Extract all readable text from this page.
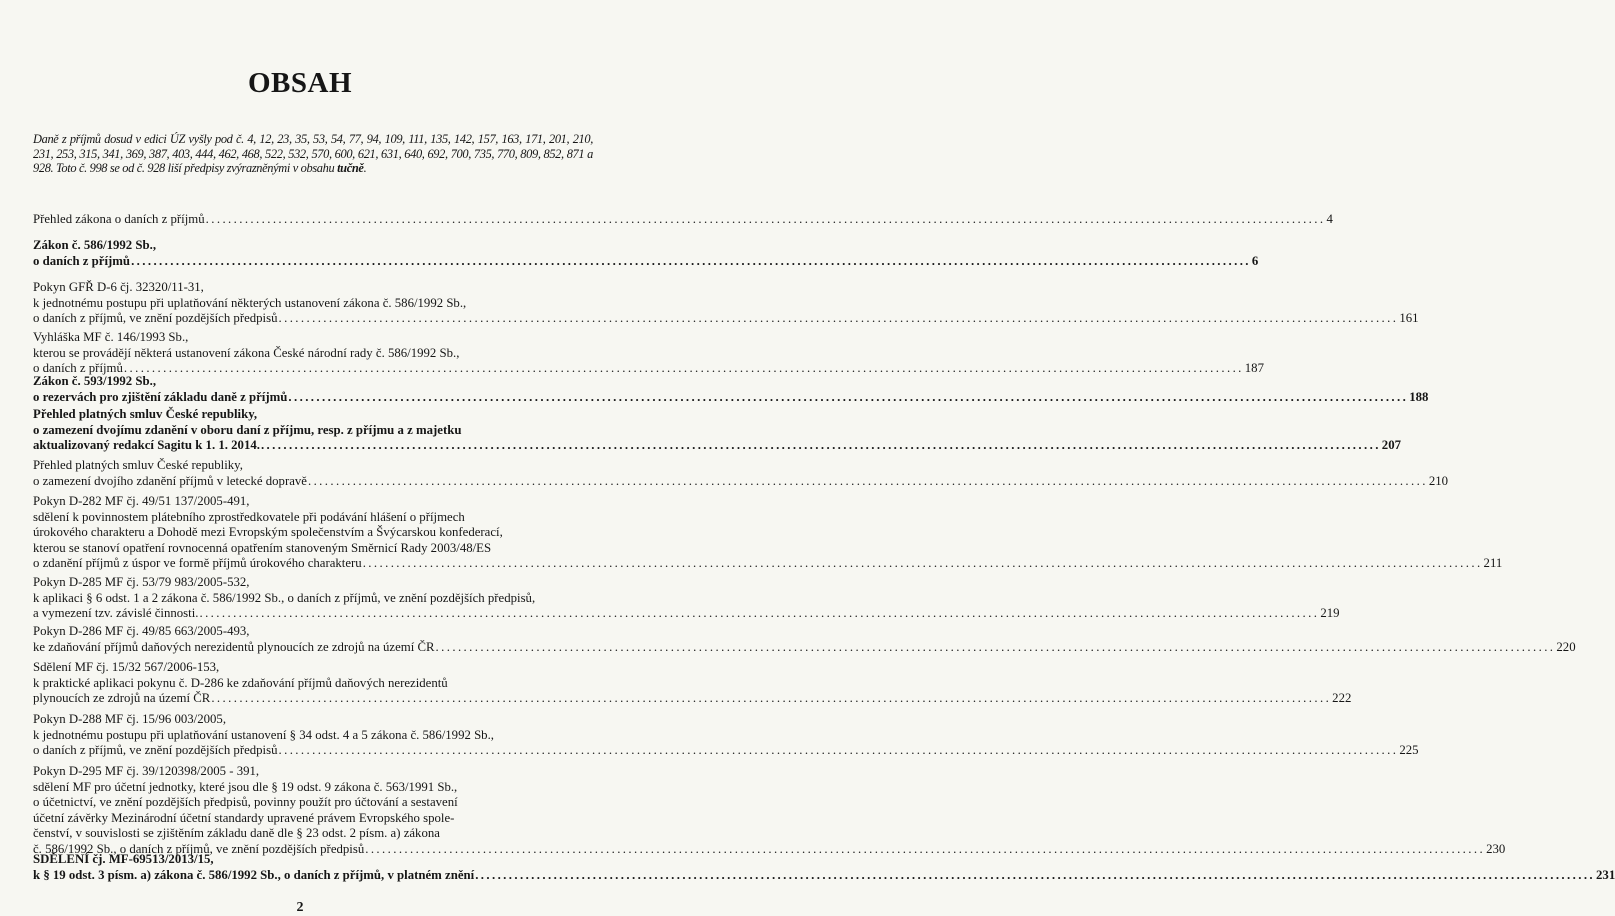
OBSAH
Daně z příjmů dosud v edici ÚZ vyšly pod č. 4, 12, 23, 35, 53, 54, 77, 94, 109, 111, 135, 142, 157, 163, 171, 201, 210, 231, 253, 315, 341, 369, 387, 403, 444, 462, 468, 522, 532, 570, 600, 621, 631, 640, 692, 700, 735, 770, 809, 852, 871 a 928. Toto č. 998 se od č. 928 liší předpisy zvýrazněnými v obsahu tučně.
Přehled zákona o daních z příjmů ........................................................................................................................................................................................................ 4
Zákon č. 586/1992 Sb.,
o daních z příjmů ........................................................................................................................................................................................................ 6
Pokyn GFŘ D-6 čj. 32320/11-31,
k jednotnému postupu při uplatňování některých ustanovení zákona č. 586/1992 Sb.,
o daních z příjmů, ve znění pozdějších předpisů ........................................................................................................................................................................................................ 161
Vyhláška MF č. 146/1993 Sb.,
kterou se provádějí některá ustanovení zákona České národní rady č. 586/1992 Sb.,
o daních z příjmů ........................................................................................................................................................................................................ 187
Zákon č. 593/1992 Sb.,
o rezervách pro zjištění základu daně z příjmů ........................................................................................................................................................................................................ 188
Přehled platných smluv České republiky,
o zamezení dvojímu zdanění v oboru daní z příjmu, resp. z příjmu a z majetku
aktualizovaný redakcí Sagitu k 1. 1. 2014. ........................................................................................................................................................................................................ 207
Přehled platných smluv České republiky,
o zamezení dvojího zdanění příjmů v letecké dopravě ........................................................................................................................................................................................................ 210
Pokyn D-282 MF čj. 49/51 137/2005-491,
sdělení k povinnostem plátebního zprostředkovatele při podávání hlášení o příjmech
úrokového charakteru a Dohodě mezi Evropským společenstvím a Švýcarskou konfederací,
kterou se stanoví opatření rovnocenná opatřením stanoveným Směrnicí Rady 2003/48/ES
o zdanění příjmů z úspor ve formě příjmů úrokového charakteru ........................................................................................................................................................................................................ 211
Pokyn D-285 MF čj. 53/79 983/2005-532,
k aplikaci § 6 odst. 1 a 2 zákona č. 586/1992 Sb., o daních z příjmů, ve znění pozdějších předpisů,
a vymezení tzv. závislé činnosti. ........................................................................................................................................................................................................ 219
Pokyn D-286 MF čj. 49/85 663/2005-493,
ke zdaňování příjmů daňových nerezidentů plynoucích ze zdrojů na území ČR ........................................................................................................................................................................................................ 220
Sdělení MF čj. 15/32 567/2006-153,
k praktické aplikaci pokynu č. D-286 ke zdaňování příjmů daňových nerezidentů
plynoucích ze zdrojů na území ČR ........................................................................................................................................................................................................ 222
Pokyn D-288 MF čj. 15/96 003/2005,
k jednotnému postupu při uplatňování ustanovení § 34 odst. 4 a 5 zákona č. 586/1992 Sb.,
o daních z příjmů, ve znění pozdějších předpisů ........................................................................................................................................................................................................ 225
Pokyn D-295 MF čj. 39/120398/2005 - 391,
sdělení MF pro účetní jednotky, které jsou dle § 19 odst. 9 zákona č. 563/1991 Sb.,
o účetnictví, ve znění pozdějších předpisů, povinny použít pro účtování a sestavení
účetní závěrky Mezinárodní účetní standardy upravené právem Evropského spole-
čenství, v souvislosti se zjištěním základu daně dle § 23 odst. 2 písm. a) zákona
č. 586/1992 Sb., o daních z příjmů, ve znění pozdějších předpisů ........................................................................................................................................................................................................ 230
SDĚLENÍ čj. MF-69513/2013/15,
k § 19 odst. 3 písm. a) zákona č. 586/1992 Sb., o daních z příjmů, v platném znění ........................................................................................................................................................................................................ 231
2
